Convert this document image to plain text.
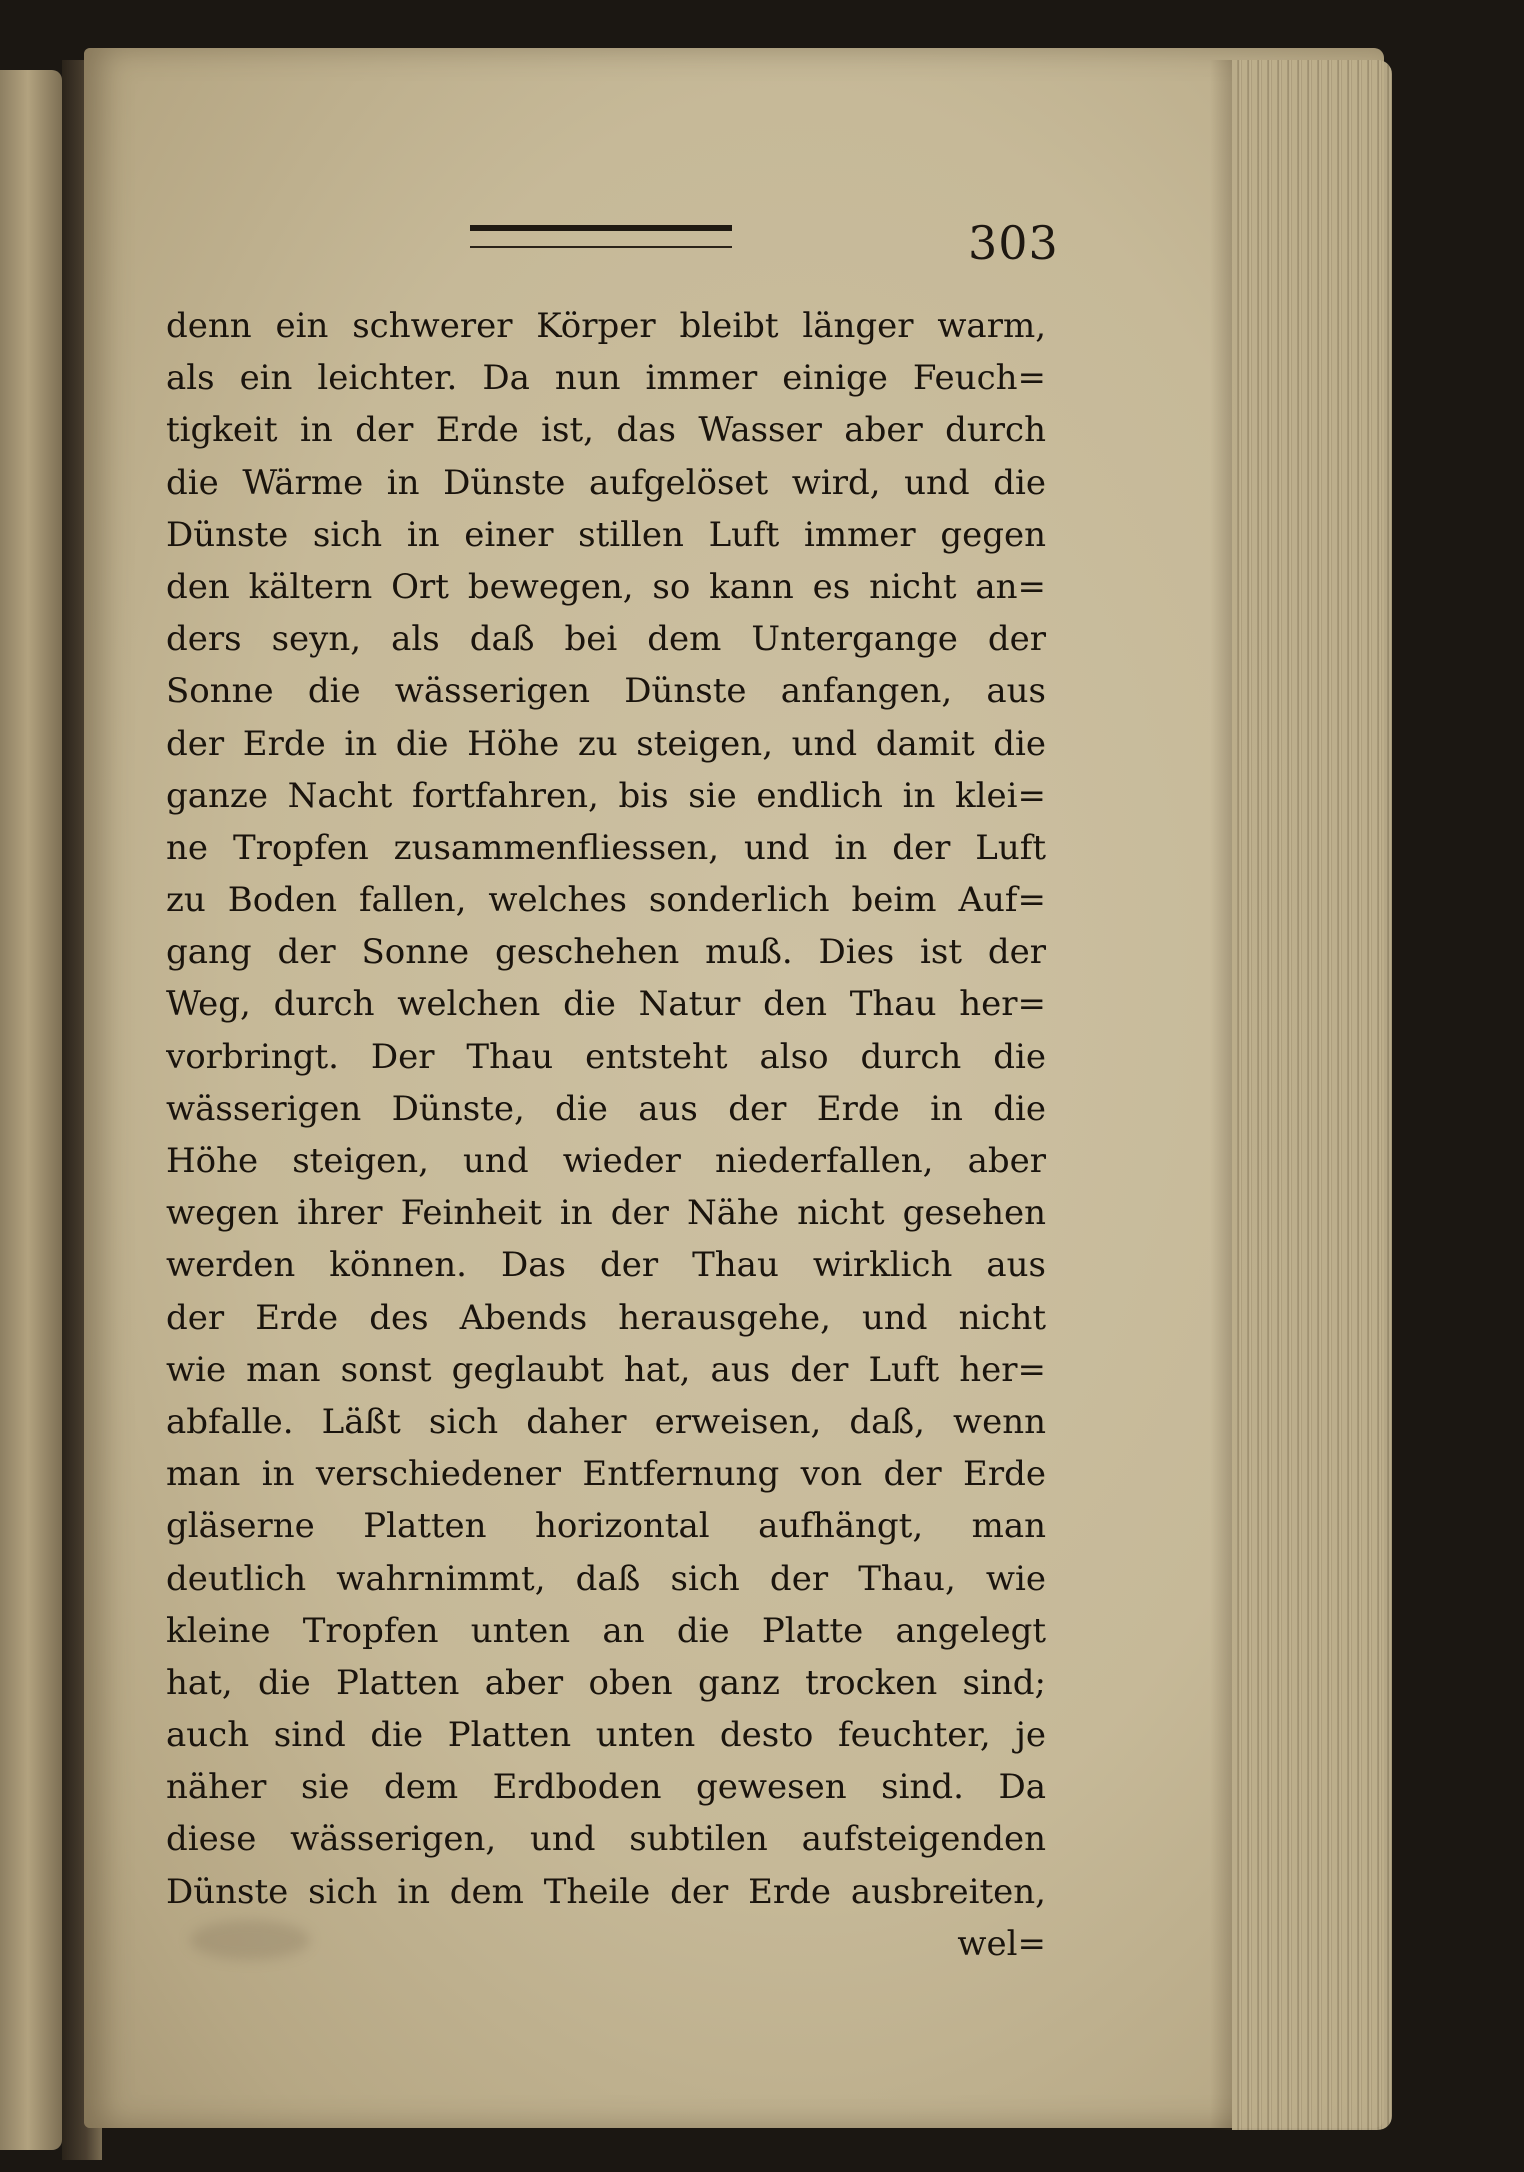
303
denn ein schwerer Körper bleibt länger warm,
als ein leichter. Da nun immer einige Feuch=
tigkeit in der Erde ist, das Wasser aber durch
die Wärme in Dünste aufgelöset wird, und die
Dünste sich in einer stillen Luft immer gegen
den kältern Ort bewegen, so kann es nicht an=
ders seyn, als daß bei dem Untergange der
Sonne die wässerigen Dünste anfangen, aus
der Erde in die Höhe zu steigen, und damit die
ganze Nacht fortfahren, bis sie endlich in klei=
ne Tropfen zusammenfliessen, und in der Luft
zu Boden fallen, welches sonderlich beim Auf=
gang der Sonne geschehen muß. Dies ist der
Weg, durch welchen die Natur den Thau her=
vorbringt. Der Thau entsteht also durch die
wässerigen Dünste, die aus der Erde in die
Höhe steigen, und wieder niederfallen, aber
wegen ihrer Feinheit in der Nähe nicht gesehen
werden können. Das der Thau wirklich aus
der Erde des Abends herausgehe, und nicht
wie man sonst geglaubt hat, aus der Luft her=
abfalle. Läßt sich daher erweisen, daß, wenn
man in verschiedener Entfernung von der Erde
gläserne Platten horizontal aufhängt, man
deutlich wahrnimmt, daß sich der Thau, wie
kleine Tropfen unten an die Platte angelegt
hat, die Platten aber oben ganz trocken sind;
auch sind die Platten unten desto feuchter, je
näher sie dem Erdboden gewesen sind. Da
diese wässerigen, und subtilen aufsteigenden
Dünste sich in dem Theile der Erde ausbreiten,
wel=
